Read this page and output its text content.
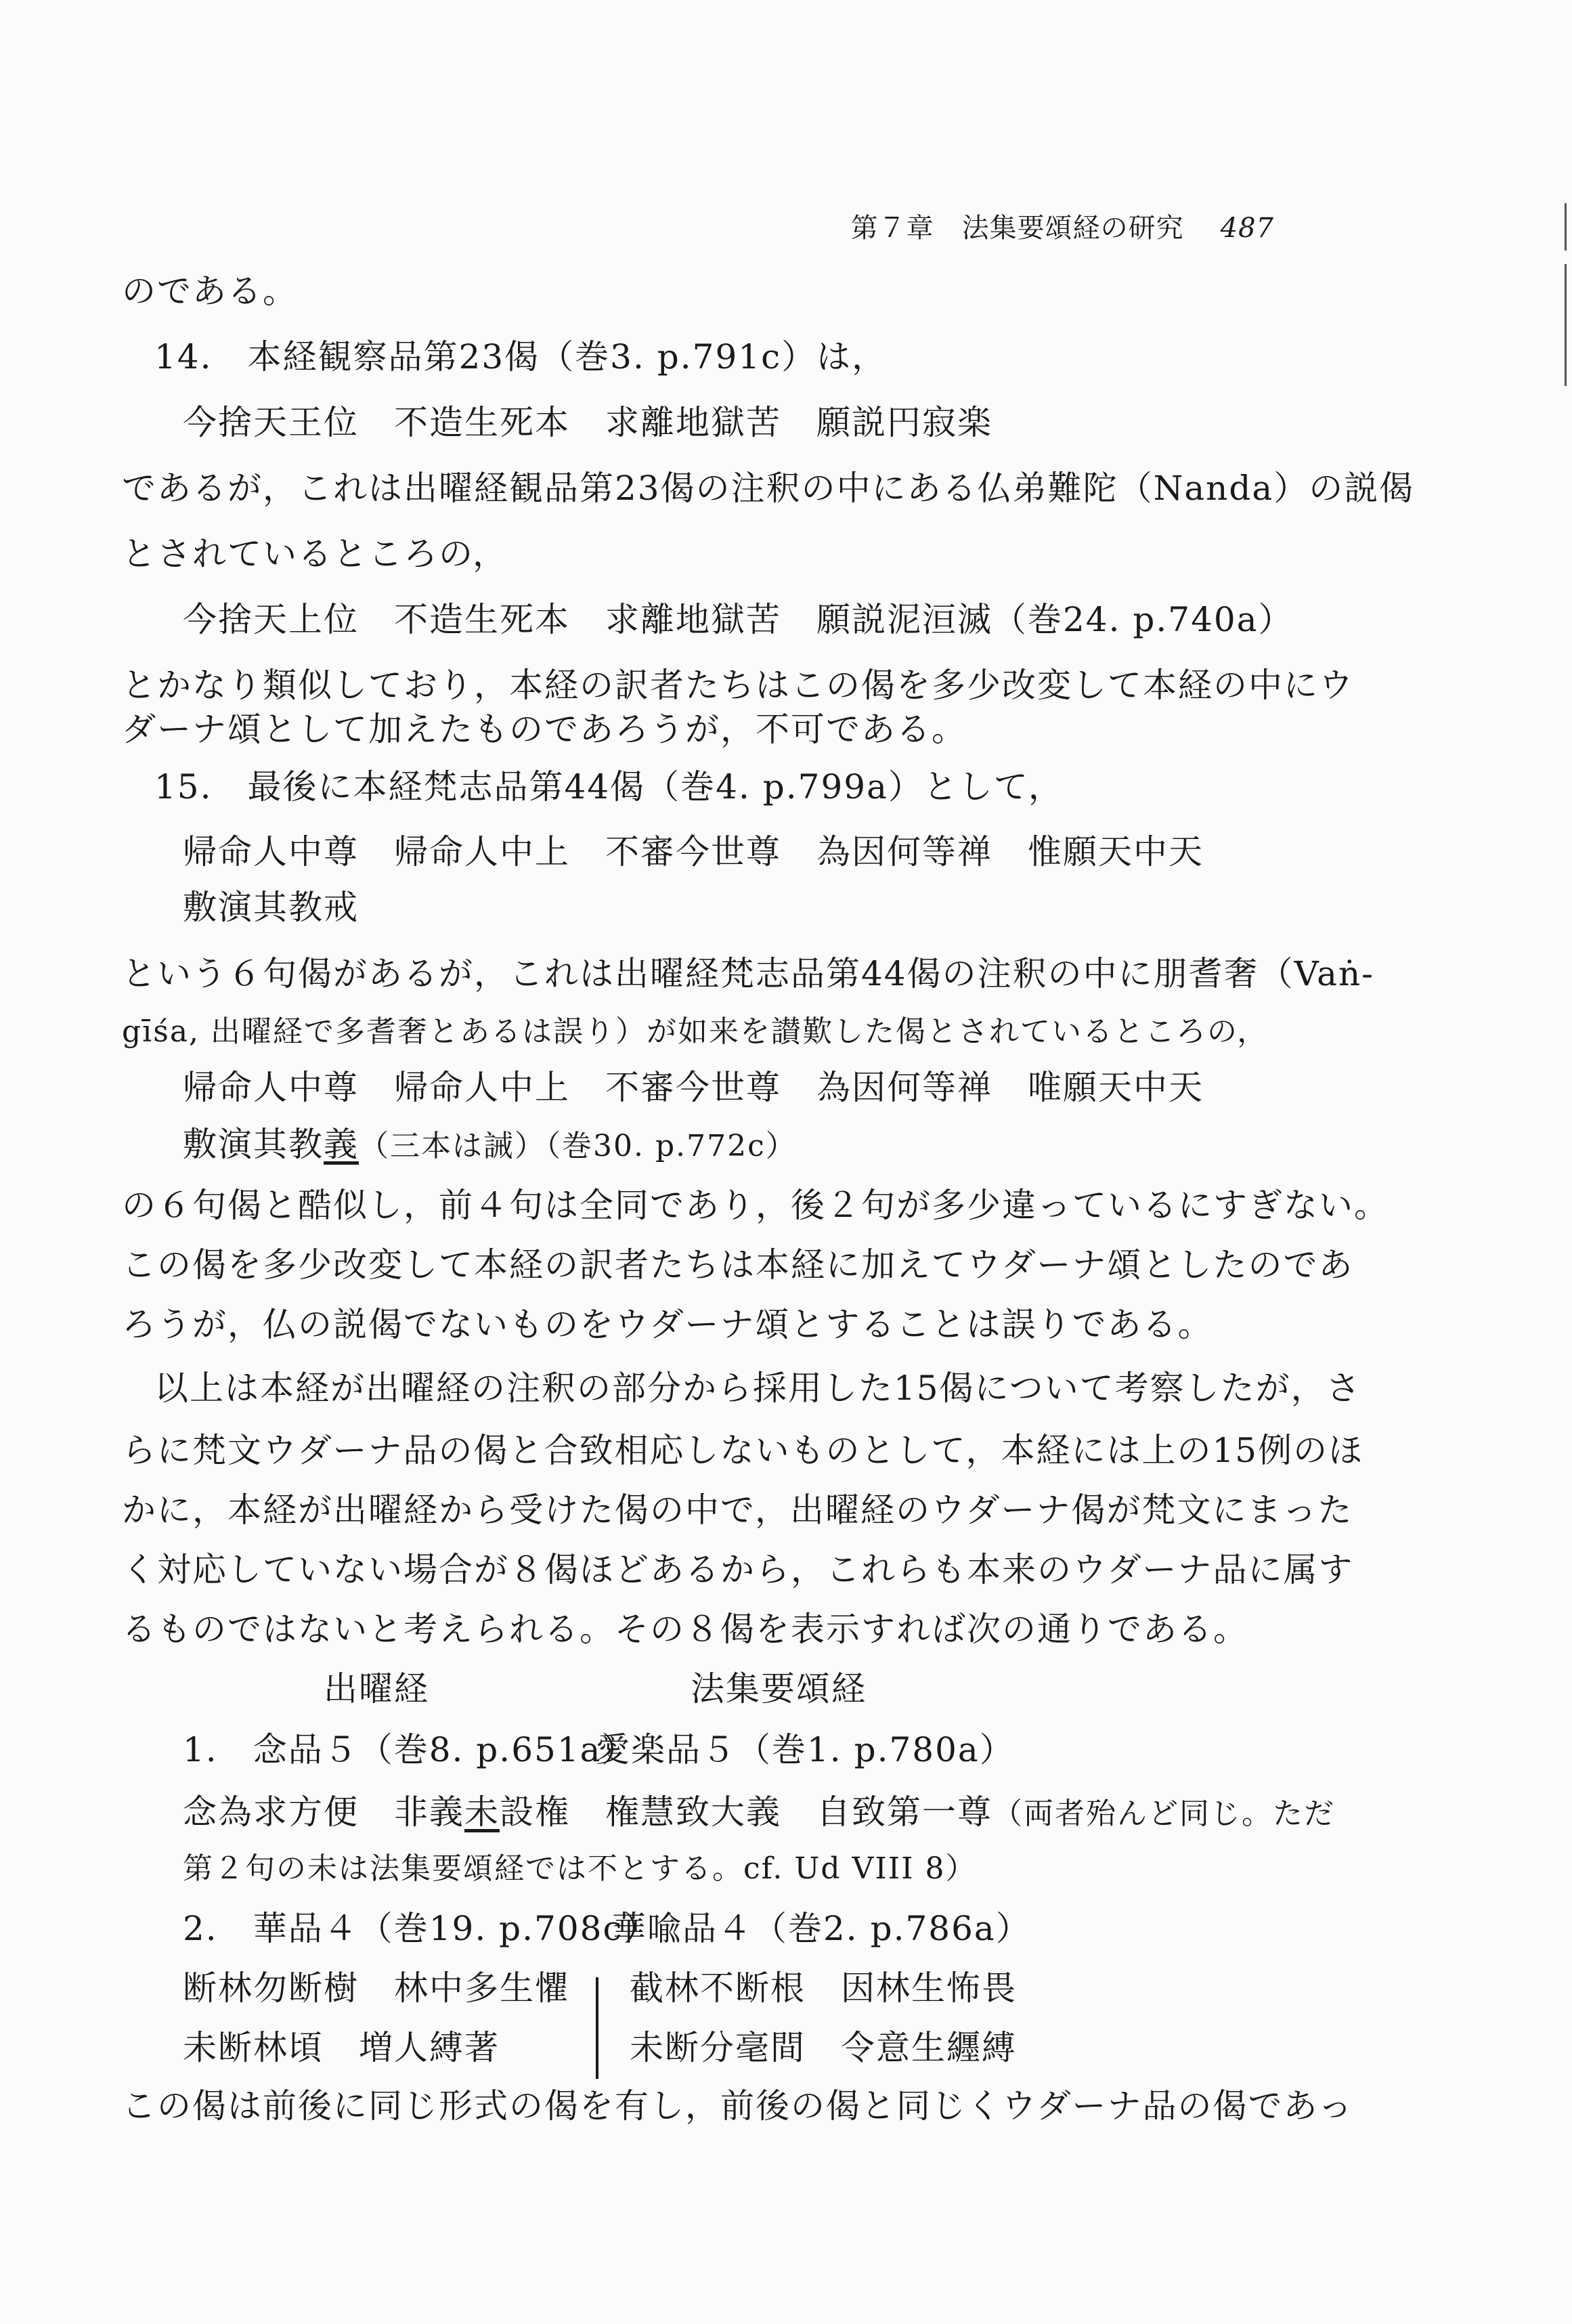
第７章　法集要頌経の研究 487
のである。
14.　本経観察品第23偈（巻3. p.791c）は，
今捨天王位　不造生死本　求離地獄苦　願説円寂楽
であるが，これは出曜経観品第23偈の注釈の中にある仏弟難陀（Nanda）の説偈
とされているところの，
今捨天上位　不造生死本　求離地獄苦　願説泥洹滅（巻24. p.740a）
とかなり類似しており，本経の訳者たちはこの偈を多少改変して本経の中にウ
ダーナ頌として加えたものであろうが，不可である。
15.　最後に本経梵志品第44偈（巻4. p.799a）として，
帰命人中尊　帰命人中上　不審今世尊　為因何等禅　惟願天中天
敷演其教戒
という６句偈があるが，これは出曜経梵志品第44偈の注釈の中に朋耆奢（Vaṅ-
gīśa, 出曜経で多耆奢とあるは誤り）が如来を讃歎した偈とされているところの，
帰命人中尊　帰命人中上　不審今世尊　為因何等禅　唯願天中天
敷演其教義（三本は誡）（巻30. p.772c）
の６句偈と酷似し，前４句は全同であり，後２句が多少違っているにすぎない。
この偈を多少改変して本経の訳者たちは本経に加えてウダーナ頌としたのであ
ろうが，仏の説偈でないものをウダーナ頌とすることは誤りである。
以上は本経が出曜経の注釈の部分から採用した15偈について考察したが，さ
らに梵文ウダーナ品の偈と合致相応しないものとして，本経には上の15例のほ
かに，本経が出曜経から受けた偈の中で，出曜経のウダーナ偈が梵文にまった
く対応していない場合が８偈ほどあるから，これらも本来のウダーナ品に属す
るものではないと考えられる。その８偈を表示すれば次の通りである。
出曜経	法集要頌経
1.　念品５（巻8. p.651a）
愛楽品５（巻1. p.780a）
念為求方便　非義未設権　権慧致大義　自致第一尊（両者殆んど同じ。ただ
第２句の未は法集要頌経では不とする。cf. Ud VIII 8）
2.　華品４（巻19. p.708c）
華喩品４（巻2. p.786a）
断林勿断樹　林中多生懼 截林不断根　因林生怖畏
未断林頃　増人縛著	未断分毫間　令意生纒縛
この偈は前後に同じ形式の偈を有し，前後の偈と同じくウダーナ品の偈であっ
